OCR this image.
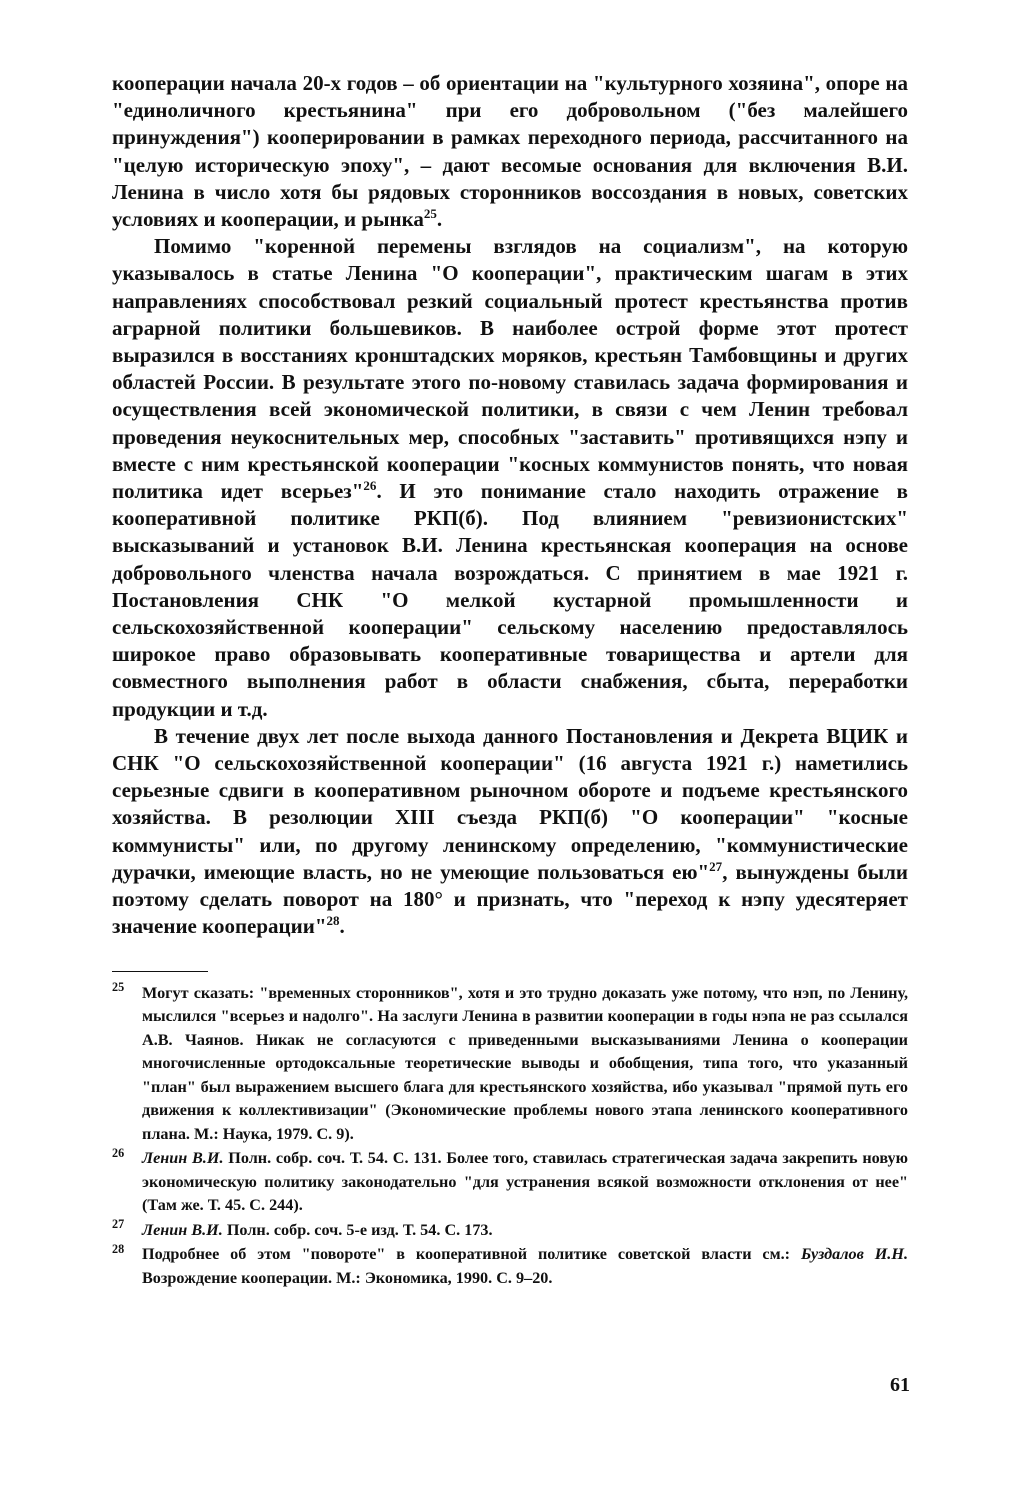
кооперации начала 20-х годов – об ориентации на "культурного хозяина", опоре на "единоличного крестьянина" при его добровольном ("без малейшего принуждения") кооперировании в рамках переходного периода, рассчитанного на "целую историческую эпоху", – дают весомые основания для включения В.И. Ленина в число хотя бы рядовых сторонников воссоздания в новых, советских условиях и кооперации, и рынка$^{25}$.

Помимо "коренной перемены взглядов на социализм", на которую указывалось в статье Ленина "О кооперации", практическим шагам в этих направлениях способствовал резкий социальный протест крестьянства против аграрной политики большевиков. В наиболее острой форме этот протест выразился в восстаниях кронштадских моряков, крестьян Тамбовщины и других областей России. В результате этого по-новому ставилась задача формирования и осуществления всей экономической политики, в связи с чем Ленин требовал проведения неукоснительных мер, способных "заставить" противящихся нэпу и вместе с ним крестьянской кооперации "косных коммунистов понять, что новая политика идет всерьез"$^{26}$. И это понимание стало находить отражение в кооперативной политике РКП(б). Под влиянием "ревизионистских" высказываний и установок В.И. Ленина крестьянская кооперация на основе добровольного членства начала возрождаться. С принятием в мае 1921 г. Постановления СНК "О мелкой кустарной промышленности и сельскохозяйственной кооперации" сельскому населению предоставлялось широкое право образовывать кооперативные товарищества и артели для совместного выполнения работ в области снабжения, сбыта, переработки продукции и т.д.

В течение двух лет после выхода данного Постановления и Декрета ВЦИК и СНК "О сельскохозяйственной кооперации" (16 августа 1921 г.) наметились серьезные сдвиги в кооперативном рыночном обороте и подъеме крестьянского хозяйства. В резолюции XIII съезда РКП(б) "О кооперации" "косные коммунисты" или, по другому ленинскому определению, "коммунистические дурачки, имеющие власть, но не умеющие пользоваться ею"$^{27}$, вынуждены были поэтому сделать поворот на 180° и признать, что "переход к нэпу удесятеряет значение кооперации"$^{28}$.

25 Могут сказать: "временных сторонников", хотя и это трудно доказать уже потому, что нэп, по Ленину, мыслился "всерьез и надолго". На заслуги Ленина в развитии кооперации в годы нэпа не раз ссылался А.В. Чаянов. Никак не согласуются с приведенными высказываниями Ленина о кооперации многочисленные ортодоксальные теоретические выводы и обобщения, типа того, что указанный "план" был выражением высшего блага для крестьянского хозяйства, ибо указывал "прямой путь его движения к коллективизации" (Экономические проблемы нового этапа ленинского кооперативного плана. М.: Наука, 1979. С. 9).
26 Ленин В.И. Полн. собр. соч. Т. 54. С. 131. Более того, ставилась стратегическая задача закрепить новую экономическую политику законодательно "для устранения всякой возможности отклонения от нее" (Там же. Т. 45. С. 244).
27 Ленин В.И. Полн. собр. соч. 5-е изд. Т. 54. С. 173.
28 Подробнее об этом "повороте" в кооперативной политике советской власти см.: Буздалов И.Н. Возрождение кооперации. М.: Экономика, 1990. С. 9–20.
61
